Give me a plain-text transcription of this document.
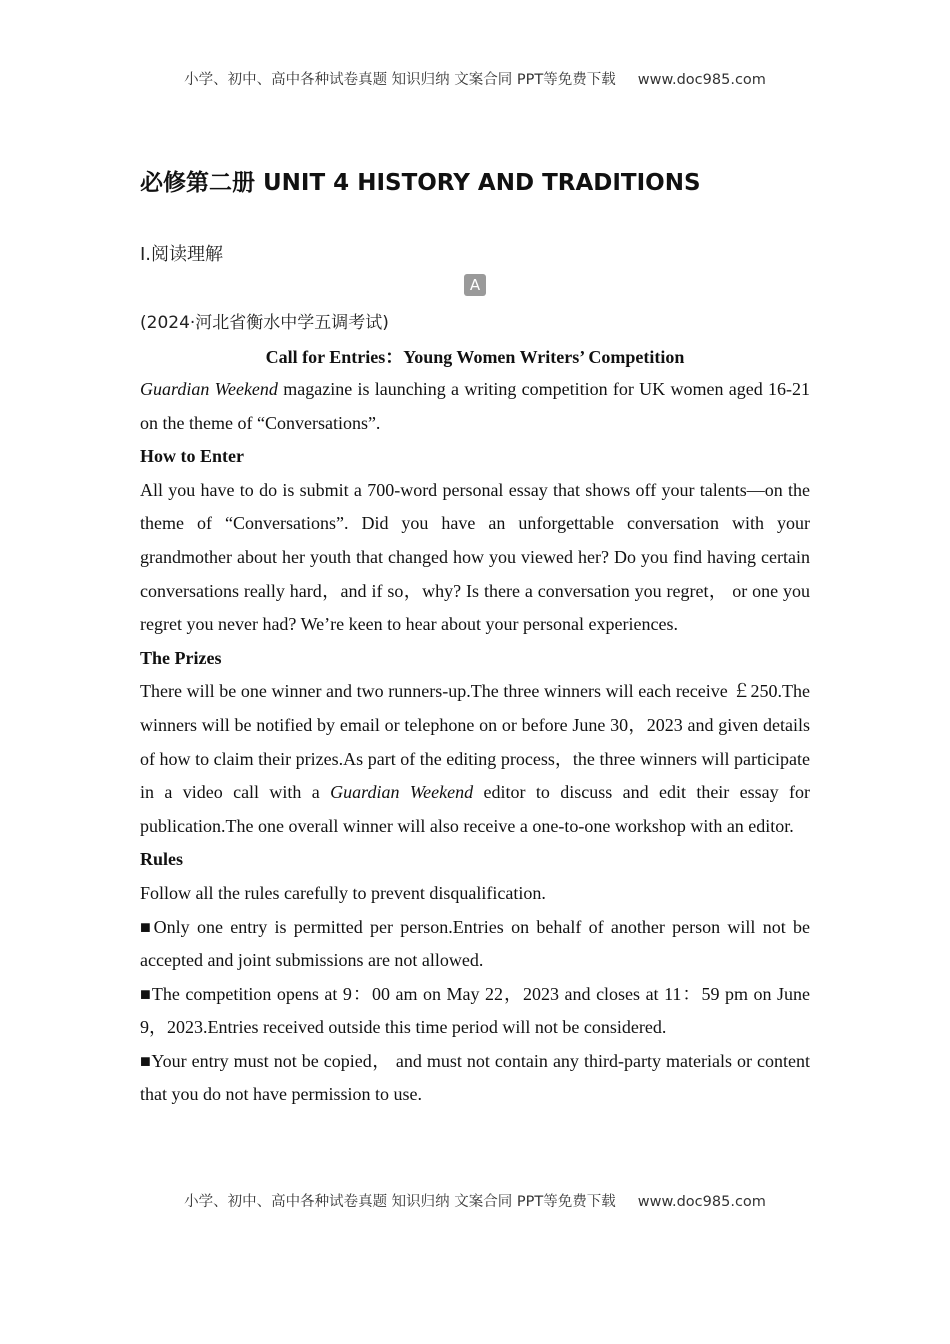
小学、初中、高中各种试卷真题 知识归纳 文案合同 PPT等免费下载 www.doc985.com
必修第二册 UNIT 4 HISTORY AND TRADITIONS
Ⅰ.阅读理解
A
(2024·河北省衡水中学五调考试)
Call for Entries：Young Women Writers’ Competition

Guardian Weekend magazine is launching a writing competition for UK women aged 16-21 on the theme of “Conversations”.

How to Enter

All you have to do is submit a 700-word personal essay that shows off your talents—on the theme of “Conversations”. Did you have an unforgettable conversation with your grandmother about her youth that changed how you viewed her? Do you find having certain conversations really hard，and if so，why? Is there a conversation you regret， or one you regret you never had? We’re keen to hear about your personal experiences.

The Prizes

There will be one winner and two runners-up.The three winners will each receive ￡250.The winners will be notified by email or telephone on or before June 30，2023 and given details of how to claim their prizes.As part of the editing process，the three winners will participate in a video call with a Guardian Weekend editor to discuss and edit their essay for publication.The one overall winner will also receive a one-to-one workshop with an editor.

Rules

Follow all the rules carefully to prevent disqualification.

■Only one entry is permitted per person.Entries on behalf of another person will not be accepted and joint submissions are not allowed.

■The competition opens at 9：00 am on May 22，2023 and closes at 11：59 pm on June 9，2023.Entries received outside this time period will not be considered.

■Your entry must not be copied， and must not contain any third-party materials or content that you do not have permission to use.

小学、初中、高中各种试卷真题 知识归纳 文案合同 PPT等免费下载 www.doc985.com
